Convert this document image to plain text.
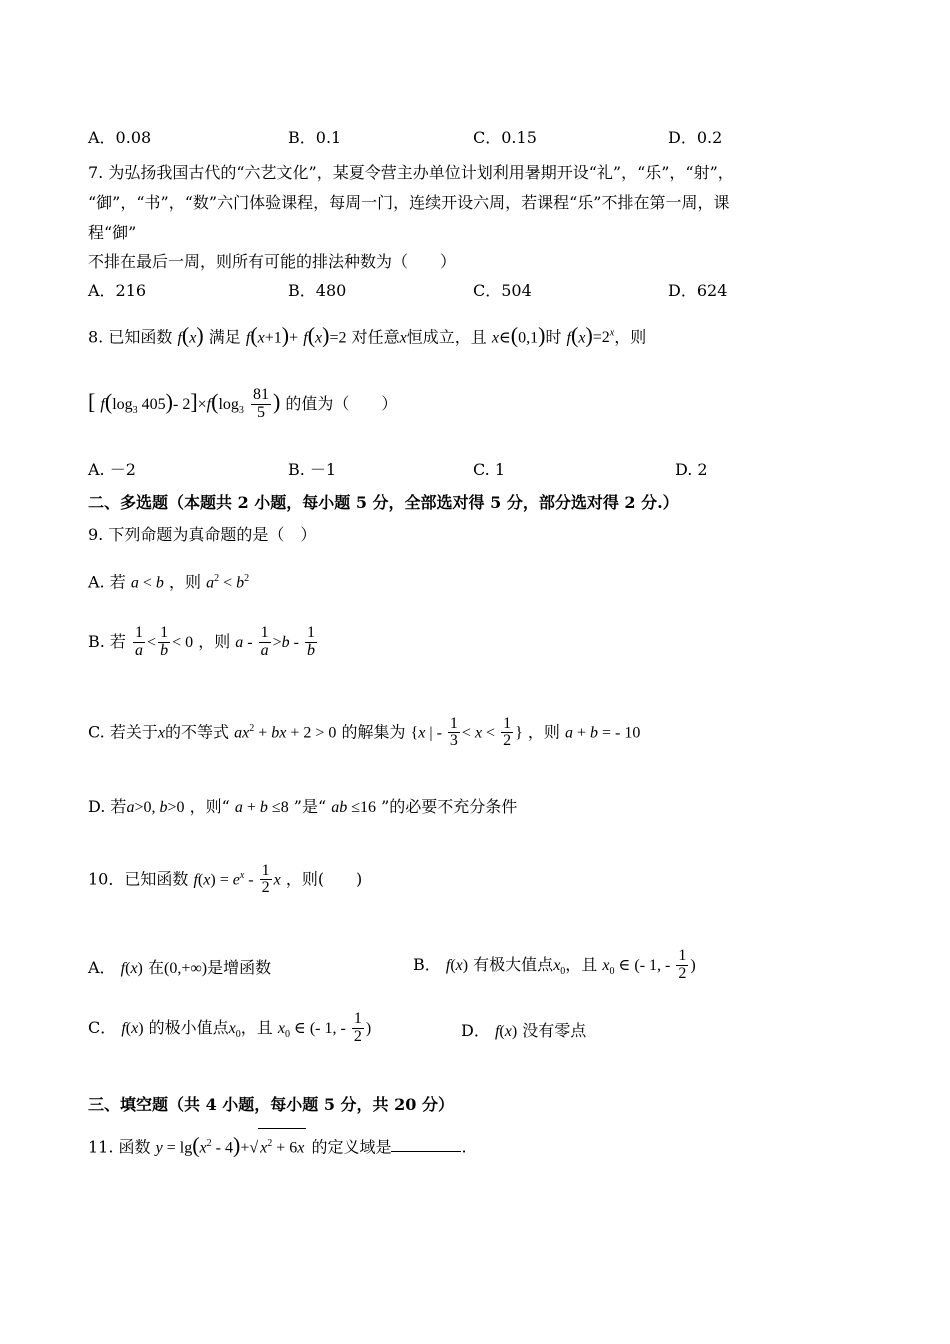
A．0.08	B．0.1	C．0.15	D．0.2
7. 为弘扬我国古代的“六艺文化”，某夏令营主办单位计划利用暑期开设“礼”，“乐”，“射”，
“御”，“书”，“数”六门体验课程，每周一门，连续开设六周，若课程“乐”不排在第一周，课
程“御”
不排在最后一周，则所有可能的排法种数为（　　）
A．216	B．480	C．504	D．624
8. 已知函数 f(x) 满足 f(x+1)+ f(x)=2 对任意x恒成立，且 x∈(0,1)时 $f(x)=2^x$，则
[ $f(\log_3$ 405)- $2]\times f(\log_3 \frac{81}{5}$ ) 的值为（　　）
A. －2	B. －1	C. 1	D. 2
二、多选题（本题共 2 小题，每小题 5 分，全部选对得 5 分，部分选对得 2 分.）
9. 下列命题为真命题的是（　）
A. 若 a < b ，则 $a^2 < b^2$
B. 若 $\frac{1}{a} < \frac{1}{b} < 0$ ，则 $a - \frac{1}{a} >b - \frac{1}{b}$
C. 若关于x的不等式 $ax^2$ + bx + 2 > 0 的解集为 {x | - $\frac{1}{3} < x < \frac{1}{2}$ } ，则 a + b = - 10
D. 若a>0, b>0 ，则“ a + b ≤8 ”是“ ab ≤16 ”的必要不充分条件
10．已知函数 $f(x) = e^x - \frac{1}{2}$ x ，则(　　)
A． f(x) 在(0,+∞)是增函数	B． f(x) 有极大值点$x_0$，且 $x_0$ ∈ (- 1, - $\frac{1}{2}$ )
C． f(x) 的极小值点$x_0$，且 $x_0$ ∈ (- 1, - $\frac{1}{2}$ )	D． f(x) 没有零点
三、填空题（共 4 小题，每小题 5 分，共 20 分）
11. 函数 $y = \lg(x^2 - 4)+√$ $x^2 + 6x$ 的定义域是	.
